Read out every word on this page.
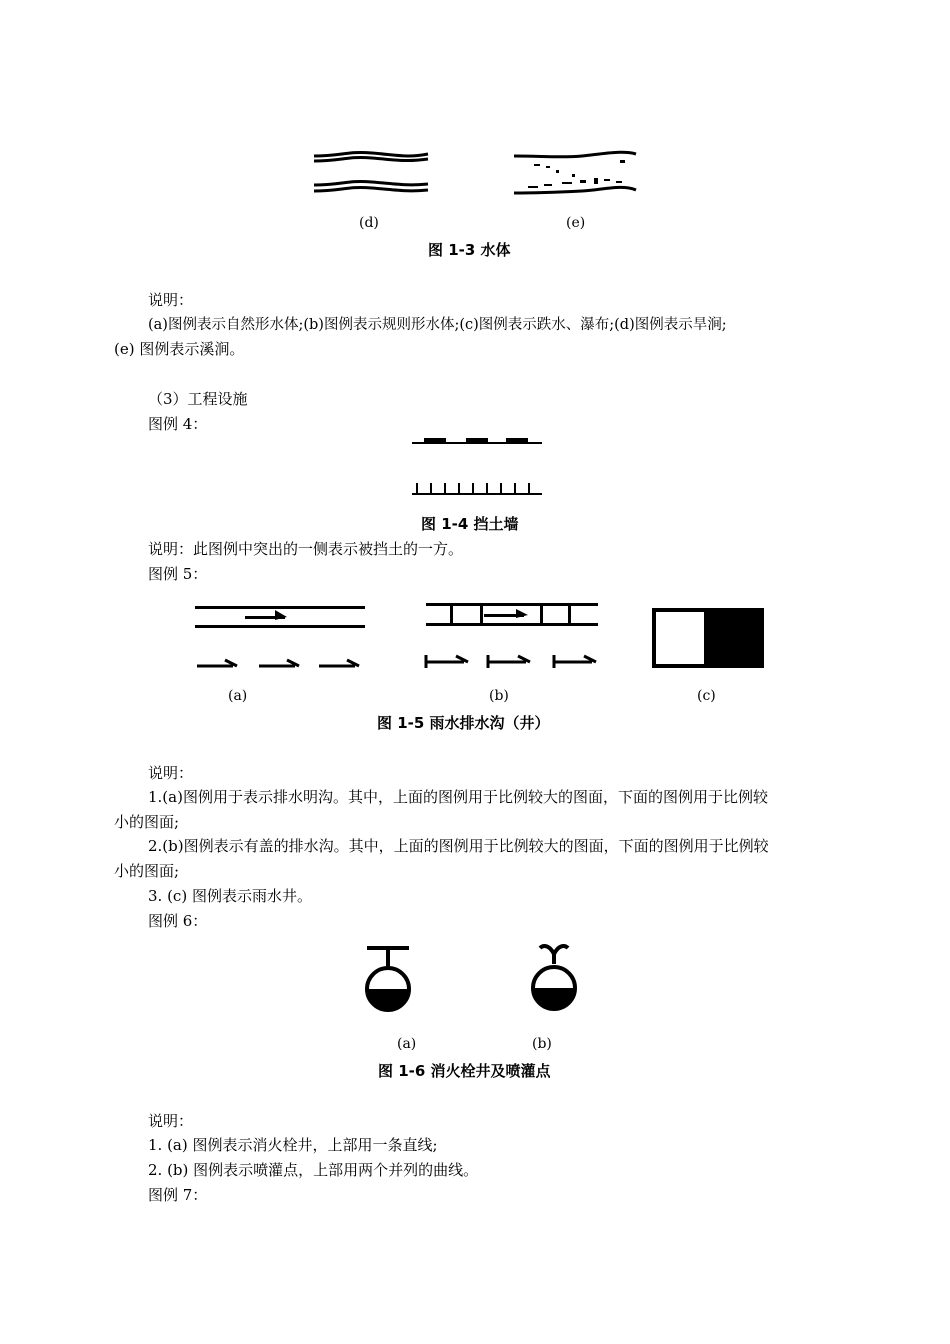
(d)	(e)
图 1-3 水体
说明：
(a)图例表示自然形水体;(b)图例表示规则形水体;(c)图例表示跌水、瀑布;(d)图例表示旱涧;
(e) 图例表示溪涧。
（3）工程设施
图例 4：
图 1-4 挡土墙
说明：此图例中突出的一侧表示被挡土的一方。
图例 5：
(a)	(b)	(c)
图 1-5 雨水排水沟（井）
说明：
1.(a)图例用于表示排水明沟。其中，上面的图例用于比例较大的图面，下面的图例用于比例较
小的图面;
2.(b)图例表示有盖的排水沟。其中，上面的图例用于比例较大的图面，下面的图例用于比例较
小的图面;
3. (c) 图例表示雨水井。
图例 6：
(a)	(b)
图 1-6 消火栓井及喷灌点
说明：
1. (a) 图例表示消火栓井，上部用一条直线;
2. (b) 图例表示喷灌点，上部用两个并列的曲线。
图例 7：
